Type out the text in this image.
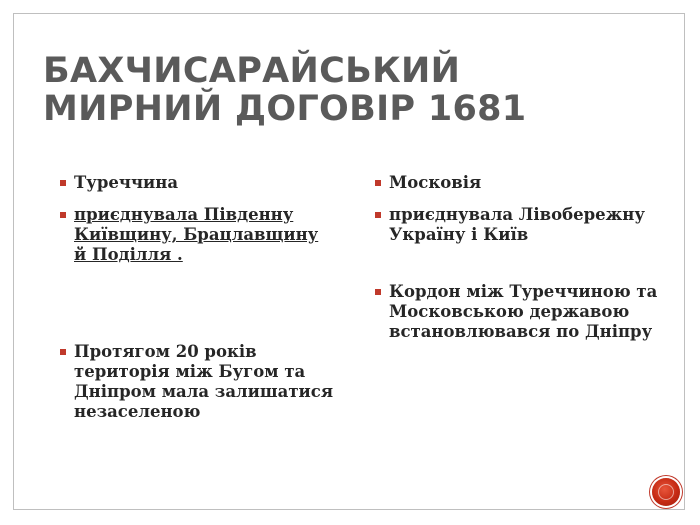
БАХЧИСАРАЙСЬКИЙ
МИРНИЙ ДОГОВІР 1681
Туреччина
приєднувала Південну Київщину, Брацлавщину й Поділля .
Протягом 20 років територія між Бугом та Дніпром мала залишатися незаселеною
Московія
приєднувала Лівобережну Україну і Київ
Кордон між Туреччиною та Московською державою встановлювався по Дніпру
